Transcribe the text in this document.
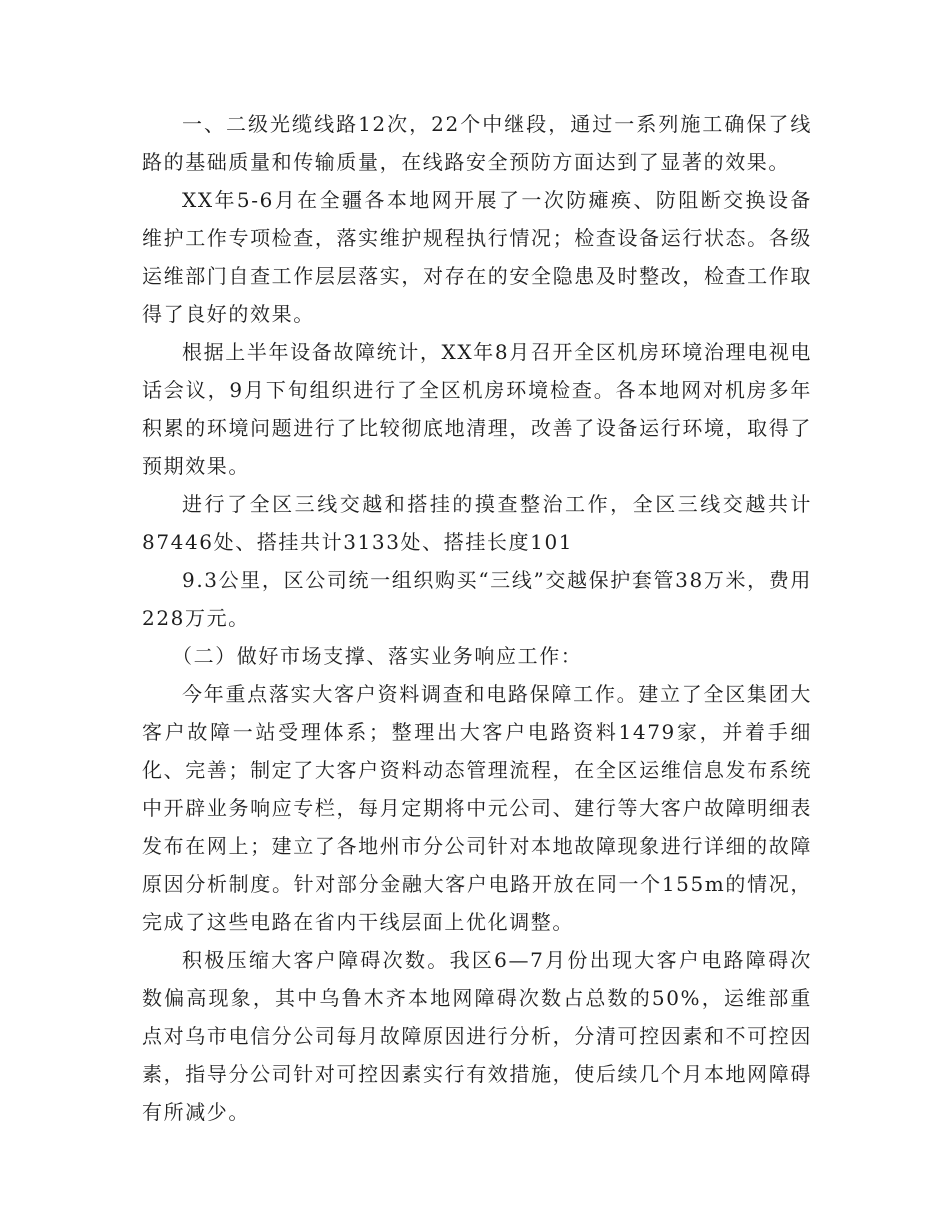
一、二级光缆线路12次，22个中继段，通过一系列施工确保了线路的基础质量和传输质量，在线路安全预防方面达到了显著的效果。

XX年5-6月在全疆各本地网开展了一次防瘫痪、防阻断交换设备维护工作专项检查，落实维护规程执行情况；检查设备运行状态。各级运维部门自查工作层层落实，对存在的安全隐患及时整改，检查工作取得了良好的效果。

根据上半年设备故障统计，XX年8月召开全区机房环境治理电视电话会议，9月下旬组织进行了全区机房环境检查。各本地网对机房多年积累的环境问题进行了比较彻底地清理，改善了设备运行环境，取得了预期效果。

进行了全区三线交越和搭挂的摸查整治工作，全区三线交越共计87446处、搭挂共计3133处、搭挂长度101

9.3公里，区公司统一组织购买“三线”交越保护套管38万米，费用228万元。

（二）做好市场支撑、落实业务响应工作：

今年重点落实大客户资料调查和电路保障工作。建立了全区集团大客户故障一站受理体系；整理出大客户电路资料1479家，并着手细化、完善；制定了大客户资料动态管理流程，在全区运维信息发布系统中开辟业务响应专栏，每月定期将中元公司、建行等大客户故障明细表发布在网上；建立了各地州市分公司针对本地故障现象进行详细的故障原因分析制度。针对部分金融大客户电路开放在同一个155m的情况，完成了这些电路在省内干线层面上优化调整。

积极压缩大客户障碍次数。我区6—7月份出现大客户电路障碍次数偏高现象，其中乌鲁木齐本地网障碍次数占总数的50%，运维部重点对乌市电信分公司每月故障原因进行分析，分清可控因素和不可控因素，指导分公司针对可控因素实行有效措施，使后续几个月本地网障碍有所减少。
